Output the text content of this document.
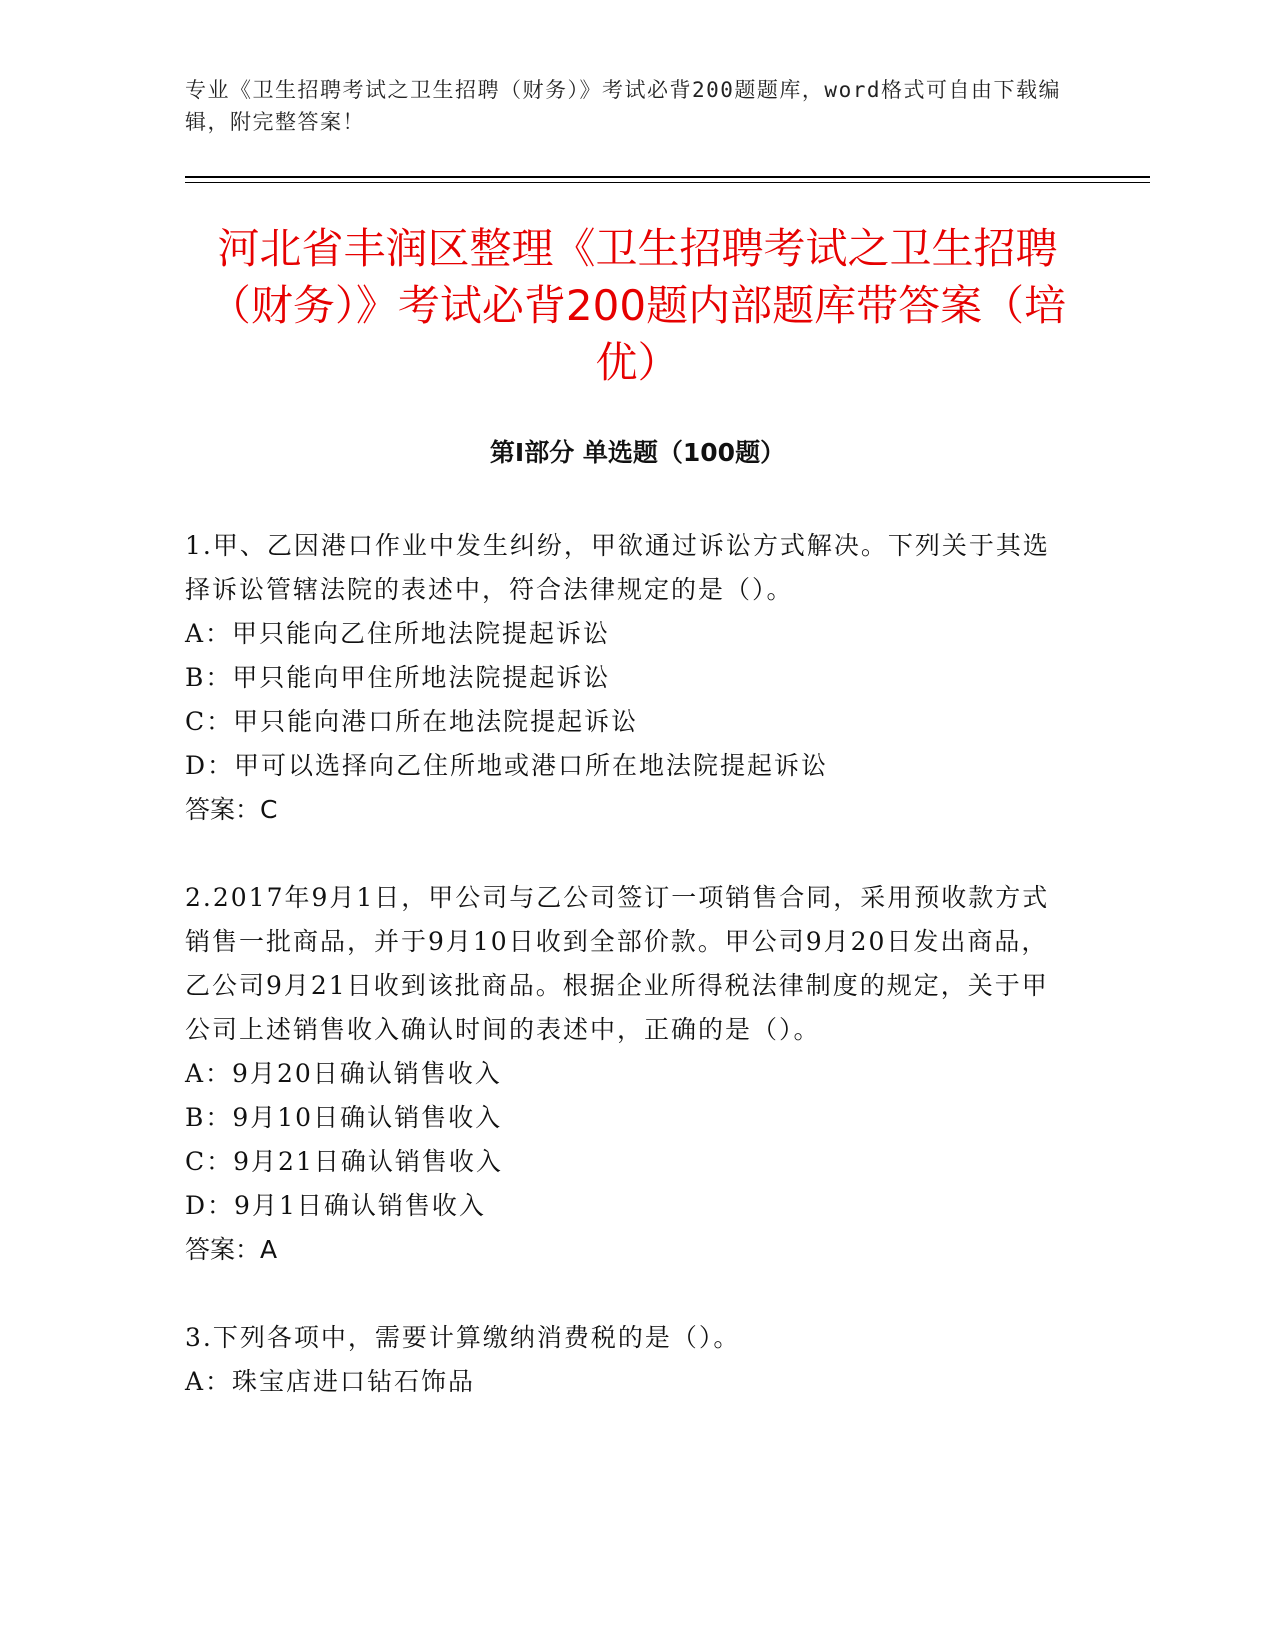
专业《卫生招聘考试之卫生招聘（财务）》考试必背200题题库，word格式可自由下载编辑，附完整答案！
河北省丰润区整理《卫生招聘考试之卫生招聘（财务）》考试必背200题内部题库带答案（培优）
第I部分 单选题（100题）

1.甲、乙因港口作业中发生纠纷，甲欲通过诉讼方式解决。下列关于其选择诉讼管辖法院的表述中，符合法律规定的是（）。

A：甲只能向乙住所地法院提起诉讼

B：甲只能向甲住所地法院提起诉讼

C：甲只能向港口所在地法院提起诉讼

D：甲可以选择向乙住所地或港口所在地法院提起诉讼

答案：C

2.2017年9月1日，甲公司与乙公司签订一项销售合同，采用预收款方式销售一批商品，并于9月10日收到全部价款。甲公司9月20日发出商品，乙公司9月21日收到该批商品。根据企业所得税法律制度的规定，关于甲公司上述销售收入确认时间的表述中，正确的是（）。

A：9月20日确认销售收入

B：9月10日确认销售收入

C：9月21日确认销售收入

D：9月1日确认销售收入

答案：A

3.下列各项中，需要计算缴纳消费税的是（）。

A：珠宝店进口钻石饰品
